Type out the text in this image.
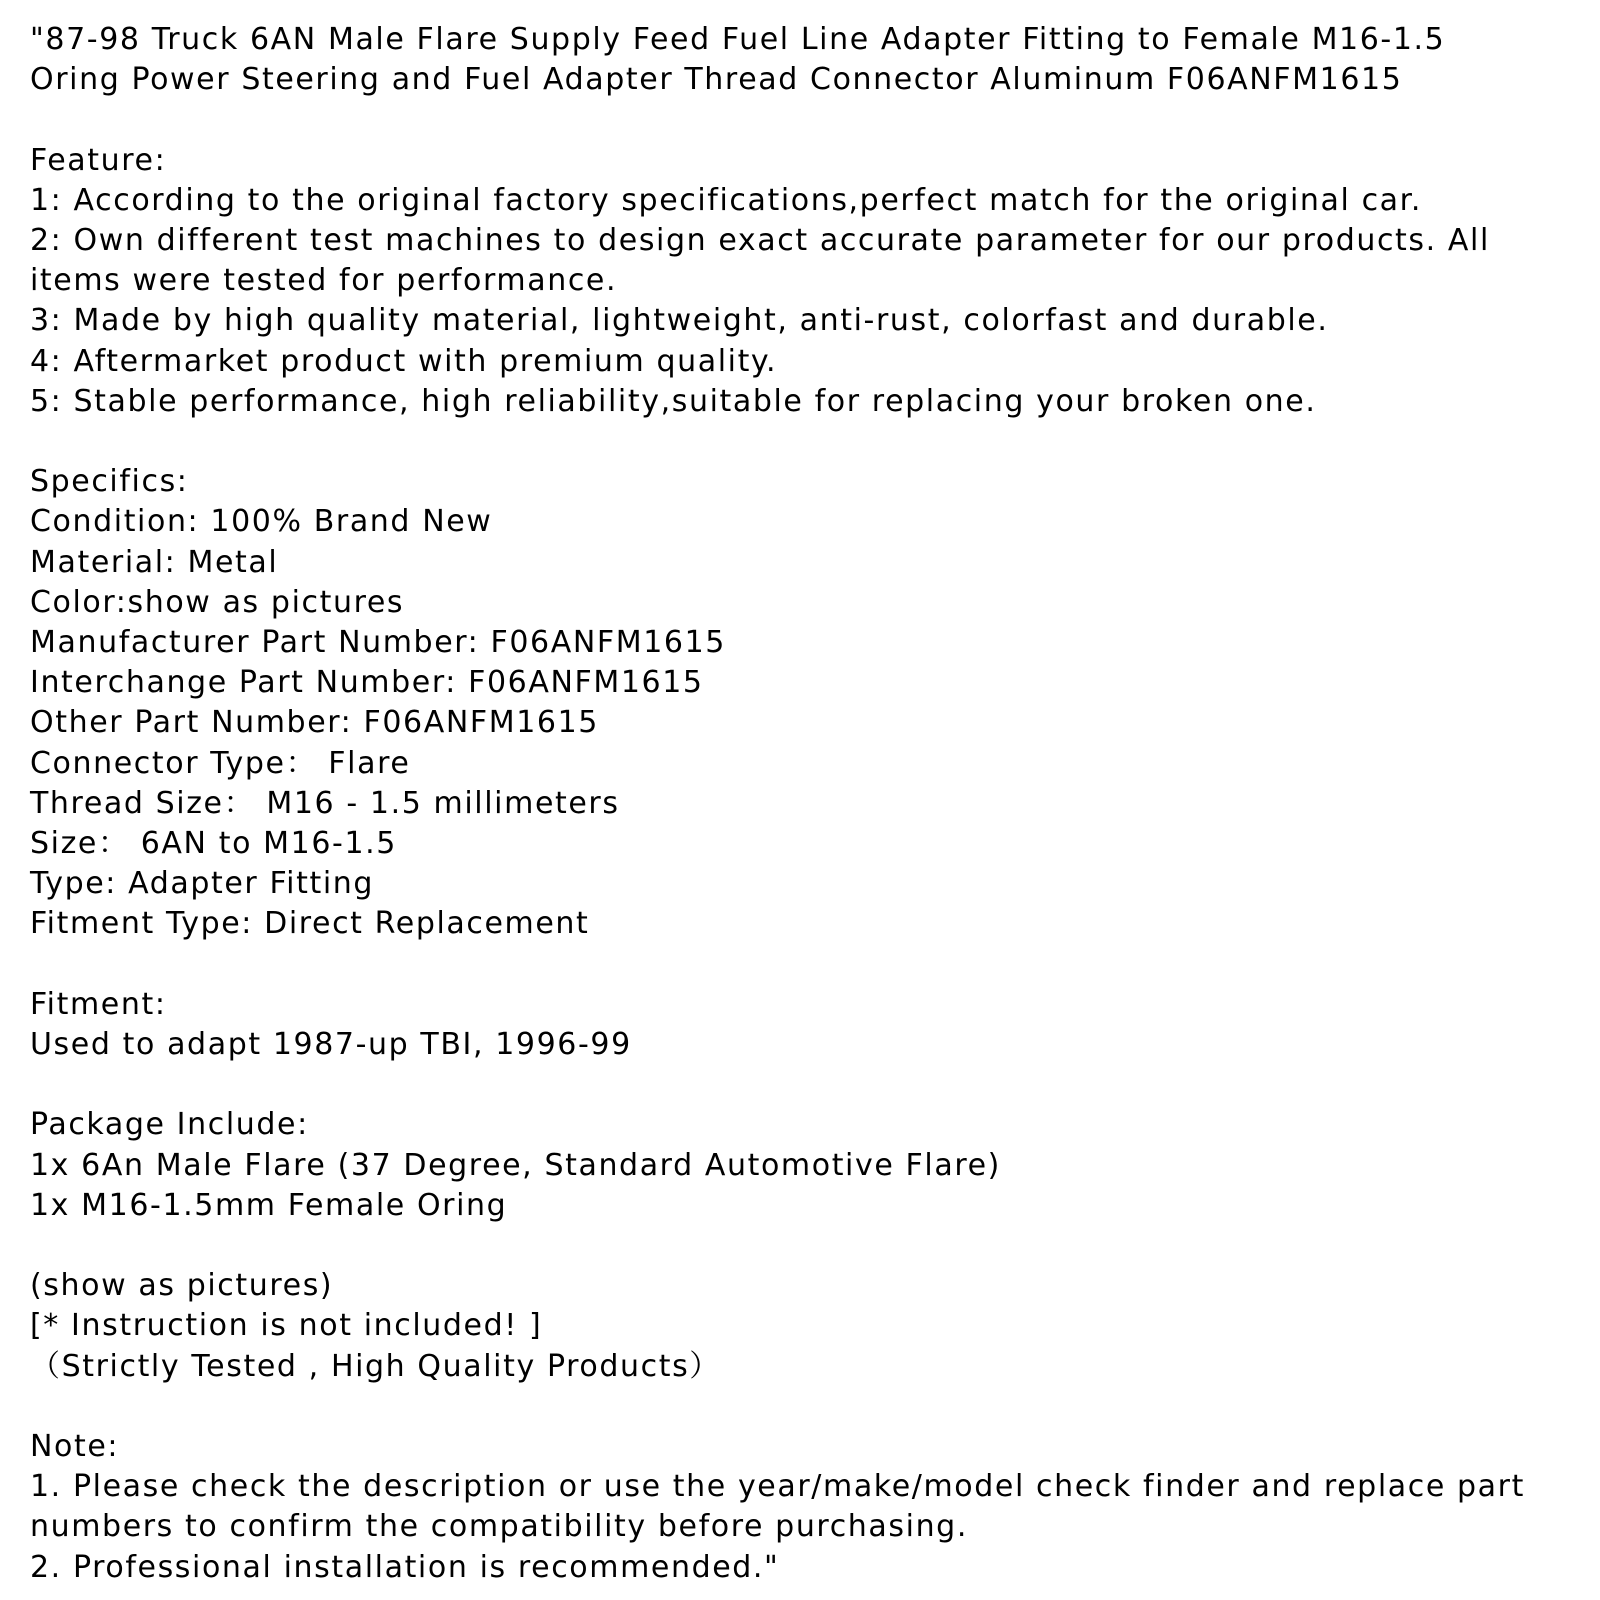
"87-98 Truck 6AN Male Flare Supply Feed Fuel Line Adapter Fitting to Female M16-1.5
Oring Power Steering and Fuel Adapter Thread Connector Aluminum F06ANFM1615
Feature:
1: According to the original factory specifications,perfect match for the original car.
2: Own different test machines to design exact accurate parameter for our products. All
items were tested for performance.
3: Made by high quality material, lightweight, anti-rust, colorfast and durable.
4: Aftermarket product with premium quality.
5: Stable performance, high reliability,suitable for replacing your broken one.
Specifics:
Condition: 100% Brand New
Material: Metal
Color:show as pictures
Manufacturer Part Number: F06ANFM1615
Interchange Part Number: F06ANFM1615
Other Part Number: F06ANFM1615
Connector Type： Flare
Thread Size： M16 - 1.5 millimeters
Size： 6AN to M16-1.5
Type: Adapter Fitting
Fitment Type: Direct Replacement
Fitment:
Used to adapt 1987-up TBI, 1996-99
Package Include:
1x 6An Male Flare (37 Degree, Standard Automotive Flare)
1x M16-1.5mm Female Oring
(show as pictures)
[* Instruction is not included! ]
（Strictly Tested , High Quality Products）
Note:
1. Please check the description or use the year/make/model check finder and replace part
numbers to confirm the compatibility before purchasing.
2. Professional installation is recommended."
